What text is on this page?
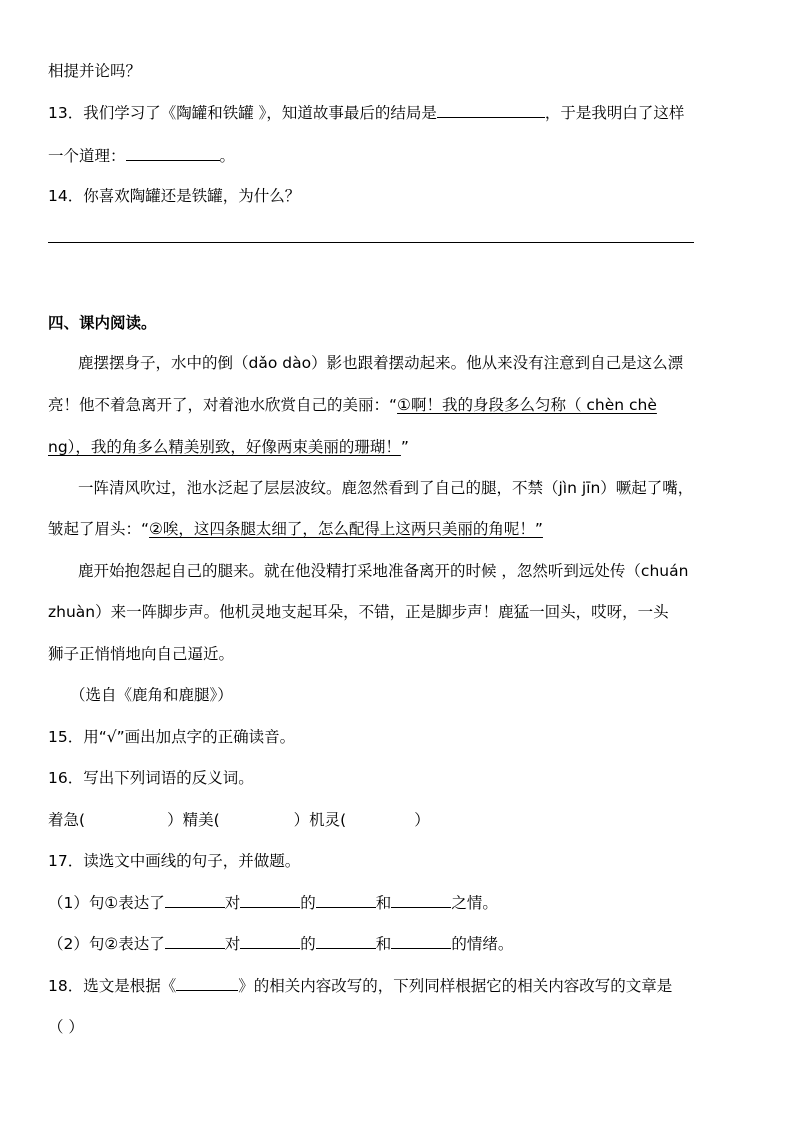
相提并论吗？
13．我们学习了《陶罐和铁罐 》，知道故事最后的结局是	，于是我明白了这样
一个道理：	。
14．你喜欢陶罐还是铁罐，为什么？
四、课内阅读。
鹿摆摆身子，水中的倒（dǎo dào）影也跟着摆动起来。他从来没有注意到自己是这么漂
亮！他不着急离开了，对着池水欣赏自己的美丽：“①啊！我的身段多么匀称（ chèn chè
ng），我的角多么精美别致，好像两束美丽的珊瑚！”
一阵清风吹过，池水泛起了层层波纹。鹿忽然看到了自己的腿，不禁（jìn jīn）噘起了嘴，
皱起了眉头：“②唉，这四条腿太细了，怎么配得上这两只美丽的角呢！”
鹿开始抱怨起自己的腿来。就在他没精打采地准备离开的时候 ，忽然听到远处传（chuán
zhuàn）来一阵脚步声。他机灵地支起耳朵，不错，正是脚步声！鹿猛一回头，哎呀，一头
狮子正悄悄地向自己逼近。
（选自《鹿角和鹿腿》）
15．用“√”画出加点字的正确读音。
16．写出下列词语的反义词。
着急(	）精美(	）机灵(	）
17．读选文中画线的句子，并做题。
（1）句①表达了	对	的	和	之情。
（2）句②表达了	对	的	和	的情绪。
18．选文是根据《	》的相关内容改写的，下列同样根据它的相关内容改写的文章是
（ ）
